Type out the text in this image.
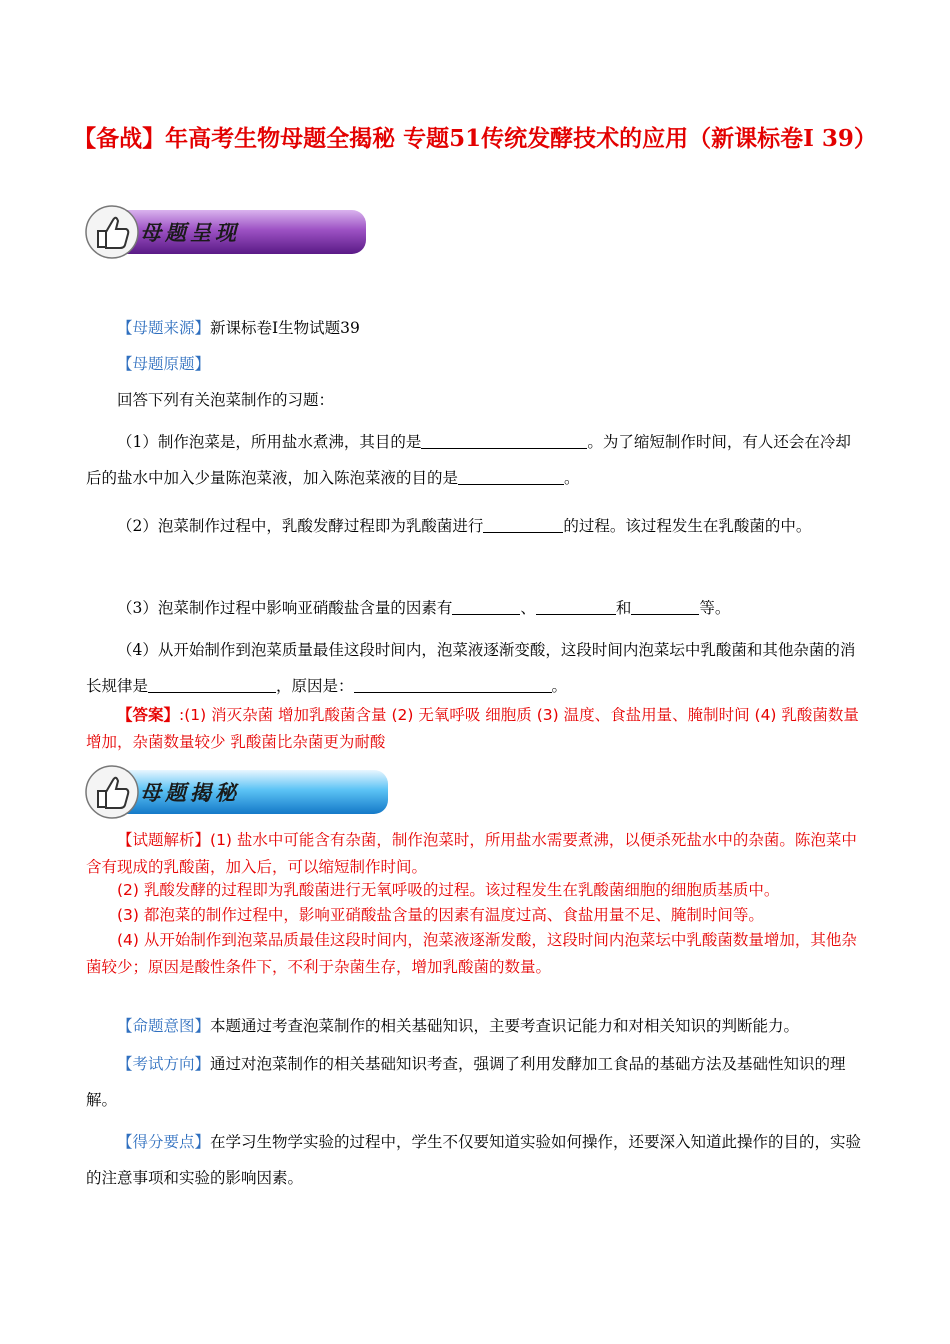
【备战】年高考生物母题全揭秘 专题51传统发酵技术的应用（新课标卷Ⅰ 39）
母题呈现
【母题来源】新课标卷Ⅰ生物试题39
【母题原题】
回答下列有关泡菜制作的习题：
（1）制作泡菜是，所用盐水煮沸，其目的是	。为了缩短制作时间，有人还会在冷却后的盐水中加入少量陈泡菜液，加入陈泡菜液的目的是	。
（2）泡菜制作过程中，乳酸发酵过程即为乳酸菌进行	的过程。该过程发生在乳酸菌的中。
（3）泡菜制作过程中影响亚硝酸盐含量的因素有	、	和	等。
（4）从开始制作到泡菜质量最佳这段时间内，泡菜液逐渐变酸，这段时间内泡菜坛中乳酸菌和其他杂菌的消长规律是	，原因是：	。
【答案】:(1) 消灭杂菌 增加乳酸菌含量 (2) 无氧呼吸 细胞质 (3) 温度、食盐用量、腌制时间 (4) 乳酸菌数量增加，杂菌数量较少 乳酸菌比杂菌更为耐酸
母题揭秘
【试题解析】(1) 盐水中可能含有杂菌，制作泡菜时，所用盐水需要煮沸，以便杀死盐水中的杂菌。陈泡菜中含有现成的乳酸菌，加入后，可以缩短制作时间。
(2) 乳酸发酵的过程即为乳酸菌进行无氧呼吸的过程。该过程发生在乳酸菌细胞的细胞质基质中。
(3) 都泡菜的制作过程中，影响亚硝酸盐含量的因素有温度过高、食盐用量不足、腌制时间等。
(4) 从开始制作到泡菜品质最佳这段时间内，泡菜液逐渐发酸，这段时间内泡菜坛中乳酸菌数量增加，其他杂菌较少；原因是酸性条件下，不利于杂菌生存，增加乳酸菌的数量。
【命题意图】本题通过考查泡菜制作的相关基础知识，主要考查识记能力和对相关知识的判断能力。
【考试方向】通过对泡菜制作的相关基础知识考查，强调了利用发酵加工食品的基础方法及基础性知识的理解。
【得分要点】在学习生物学实验的过程中，学生不仅要知道实验如何操作，还要深入知道此操作的目的，实验的注意事项和实验的影响因素。
